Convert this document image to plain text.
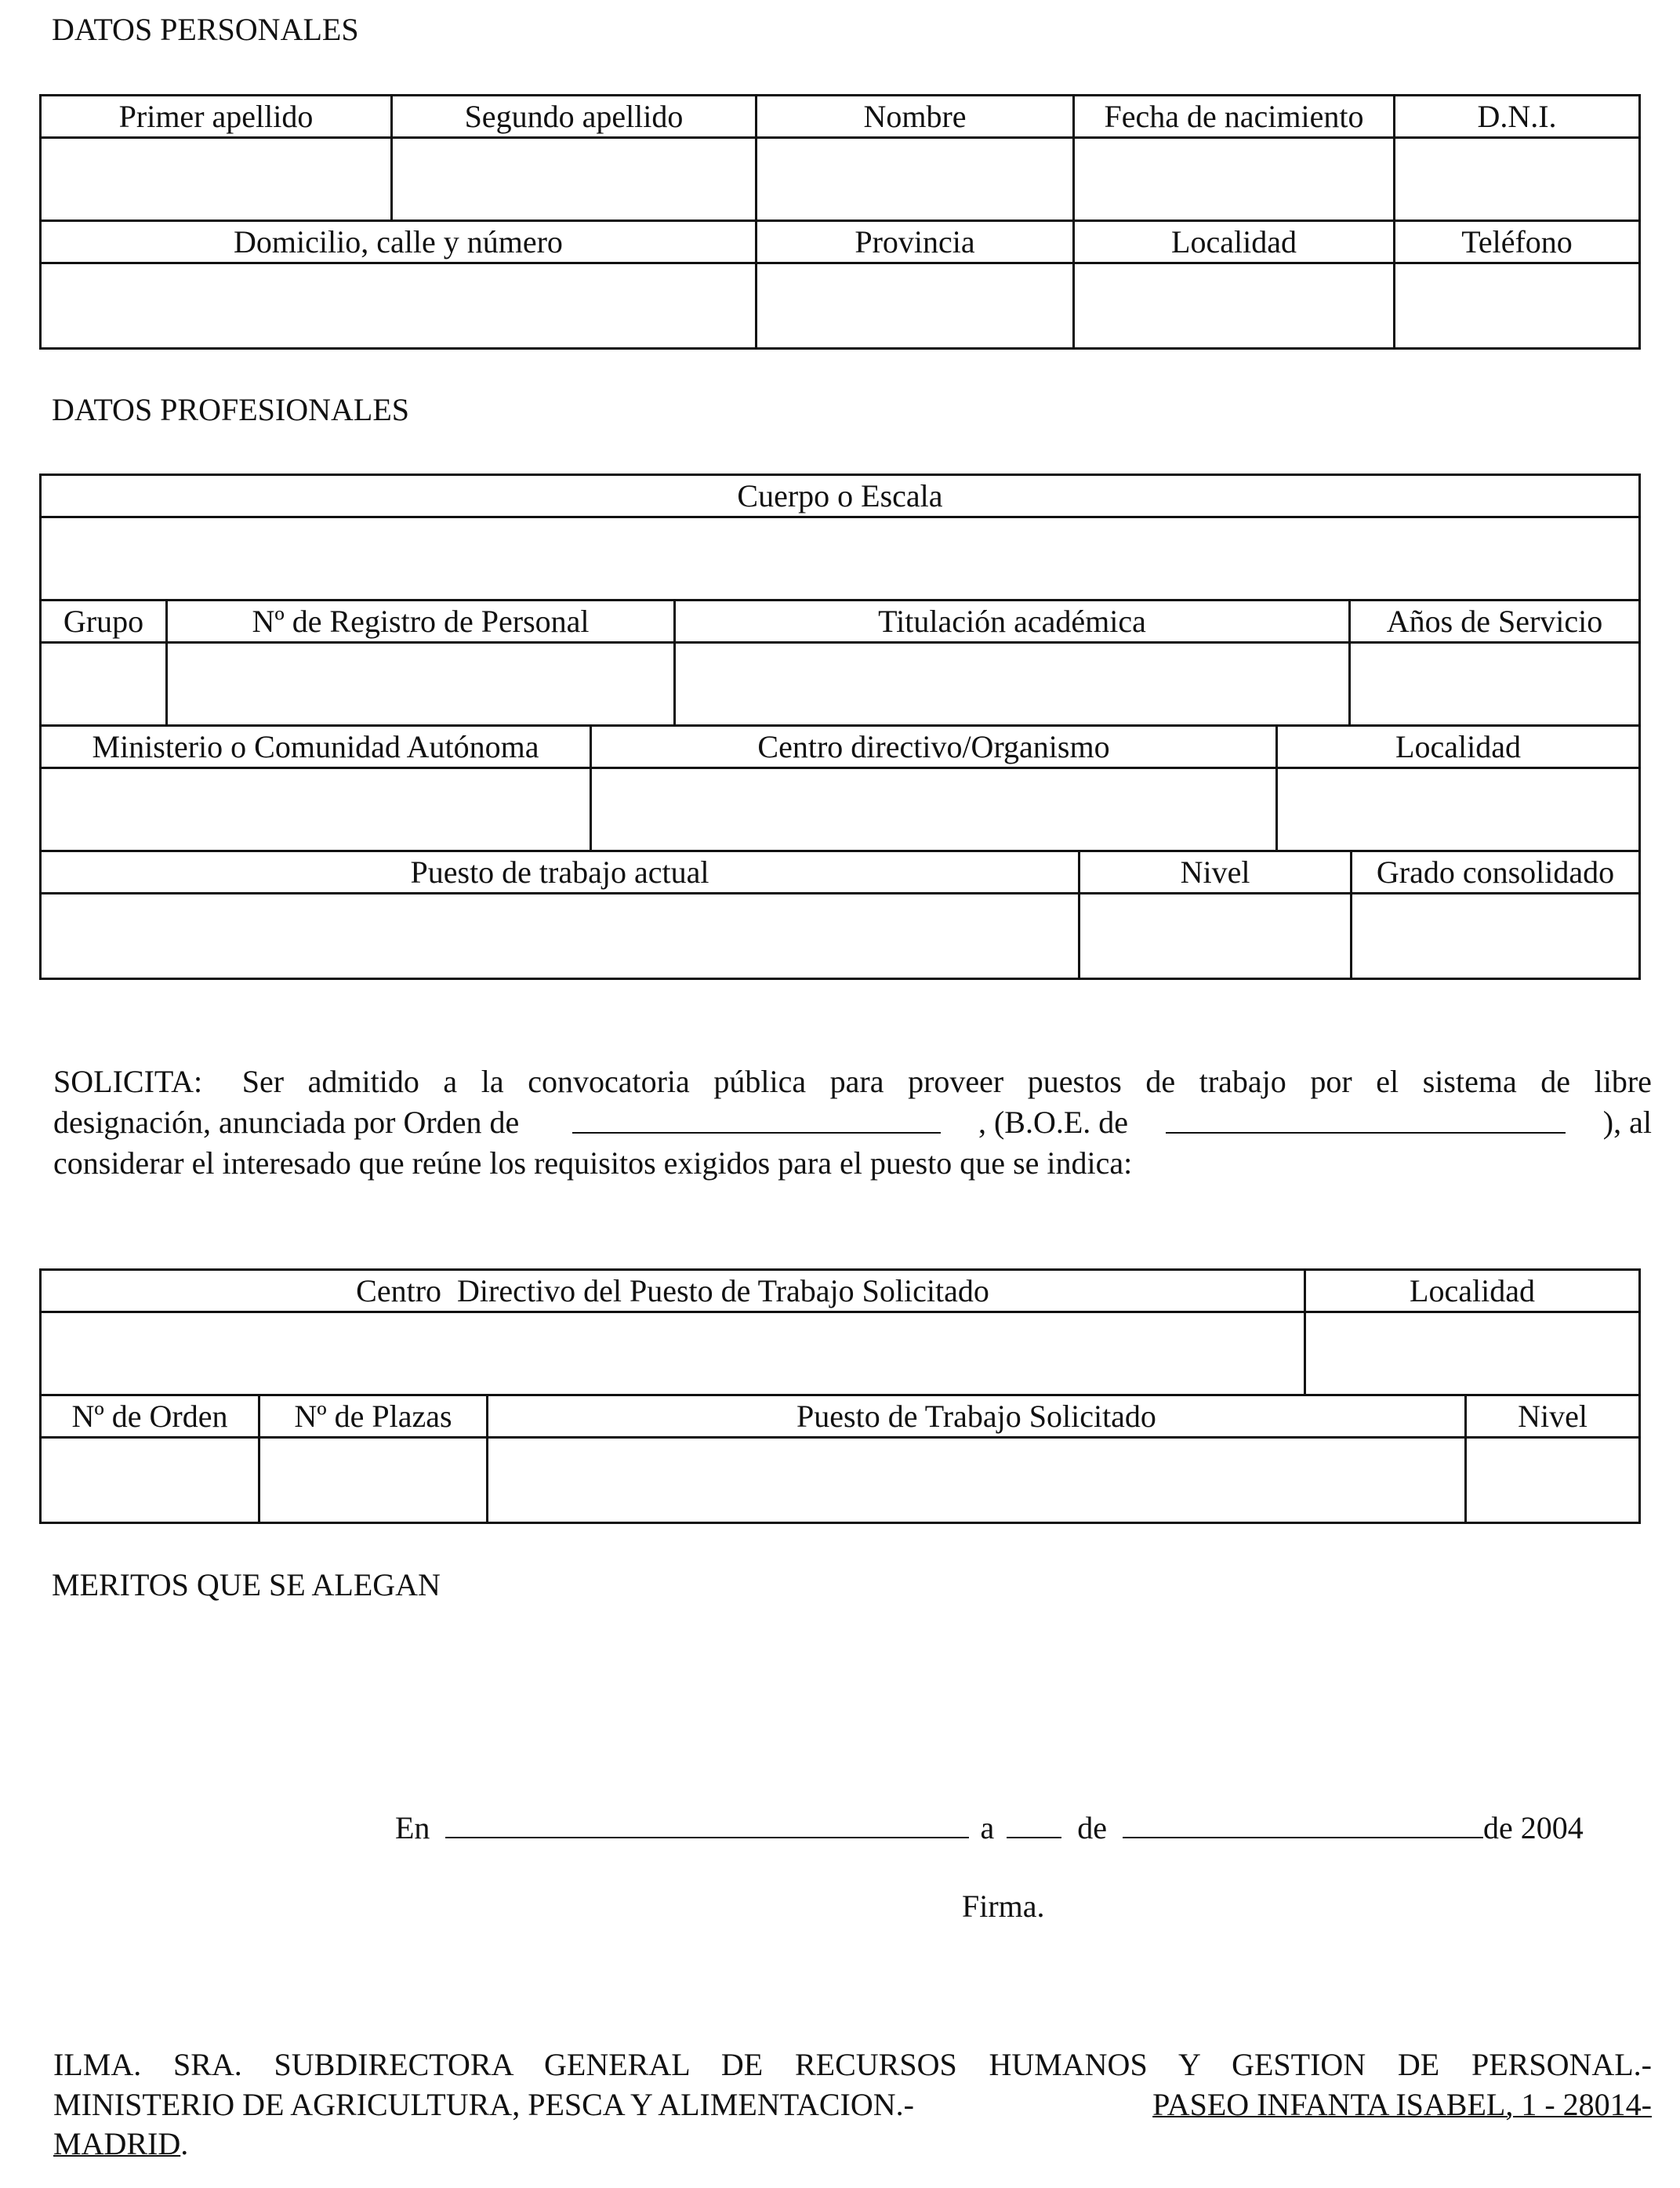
DATOS PERSONALES
Primer apellido	Segundo apellido	Nombre	Fecha de nacimiento	D.N.I.
Domicilio, calle y número	Provincia	Localidad	Teléfono
DATOS PROFESIONALES
Cuerpo o Escala
Grupo	Nº de Registro de Personal	Titulación académica	Años de Servicio
Ministerio o Comunidad Autónoma	Centro directivo/Organismo	Localidad
Puesto de trabajo actual	Nivel	Grado consolidado
SOLICITA: Ser admitido a la convocatoria pública para proveer puestos de trabajo por el sistema de libre
designación, anunciada por Orden de	, (B.O.E. de	), al
considerar el interesado que reúne los requisitos exigidos para el puesto que se indica:
Centro  Directivo del Puesto de Trabajo Solicitado	Localidad
Nº de Orden	Nº de Plazas	Puesto de Trabajo Solicitado	Nivel
MERITOS QUE SE ALEGAN
En	a	de	de 2004
Firma.
ILMA. SRA. SUBDIRECTORA GENERAL DE RECURSOS HUMANOS Y GESTION DE PERSONAL.-
MINISTERIO DE AGRICULTURA, PESCA Y ALIMENTACION.-	PASEO INFANTA ISABEL, 1 - 28014-
MADRID.
